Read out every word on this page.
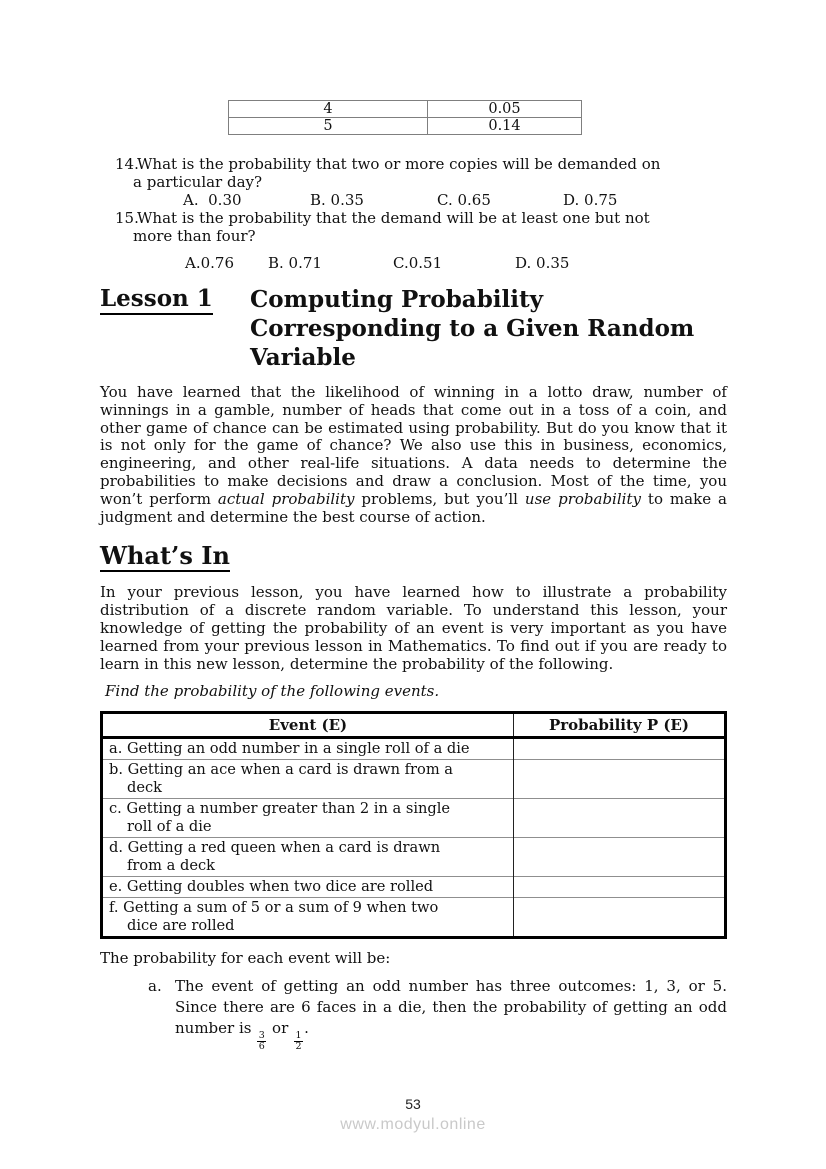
4	0.05
5	0.14
14.
What is the probability that two or more copies will be demanded on
a particular day?
A.  0.30	B. 0.35	C. 0.65	D. 0.75
15.
What is the probability that the demand will be at least one but not
more than four?
A.0.76 B. 0.71	C.0.51	D. 0.35
Lesson 1	Computing Probability
Corresponding to a Given Random
Variable

You have learned that the likelihood of winning in a lotto draw, number of winnings in a gamble, number of heads that come out in a toss of a coin, and other game of chance can be estimated using probability. But do you know that it is not only for the game of chance? We also use this in business, economics, engineering, and other real-life situations. A data needs to determine the probabilities to make decisions and draw a conclusion. Most of the time, you won’t perform actual probability problems, but you’ll use probability to make a judgment and determine the best course of action.

What’s In

In your previous lesson, you have learned how to illustrate a probability distribution of a discrete random variable. To understand this lesson, your knowledge of getting the probability of an event is very important as you have learned from your previous lesson in Mathematics. To find out if you are ready to learn in this new lesson, determine the probability of the following.

Find the probability of the following events.

Event (E)	Probability P (E)

a. Getting an odd number in a single roll of a die	

b. Getting an ace when a card is drawn from a
deck	

c. Getting a number greater than 2 in a single
roll of a die	

d. Getting a red queen when a card is drawn
from a deck	

e. Getting doubles when two dice are rolled	

f. Getting a sum of 5 or a sum of 9 when two
dice are rolled	

The probability for each event will be:

a. The event of getting an odd number has three outcomes: 1, 3, or 5. Since there are 6 faces in a die, then the probability of getting an odd number is
$\frac{3}{6}$
or
$\frac{1}{2}$
.
53
www.modyul.online
